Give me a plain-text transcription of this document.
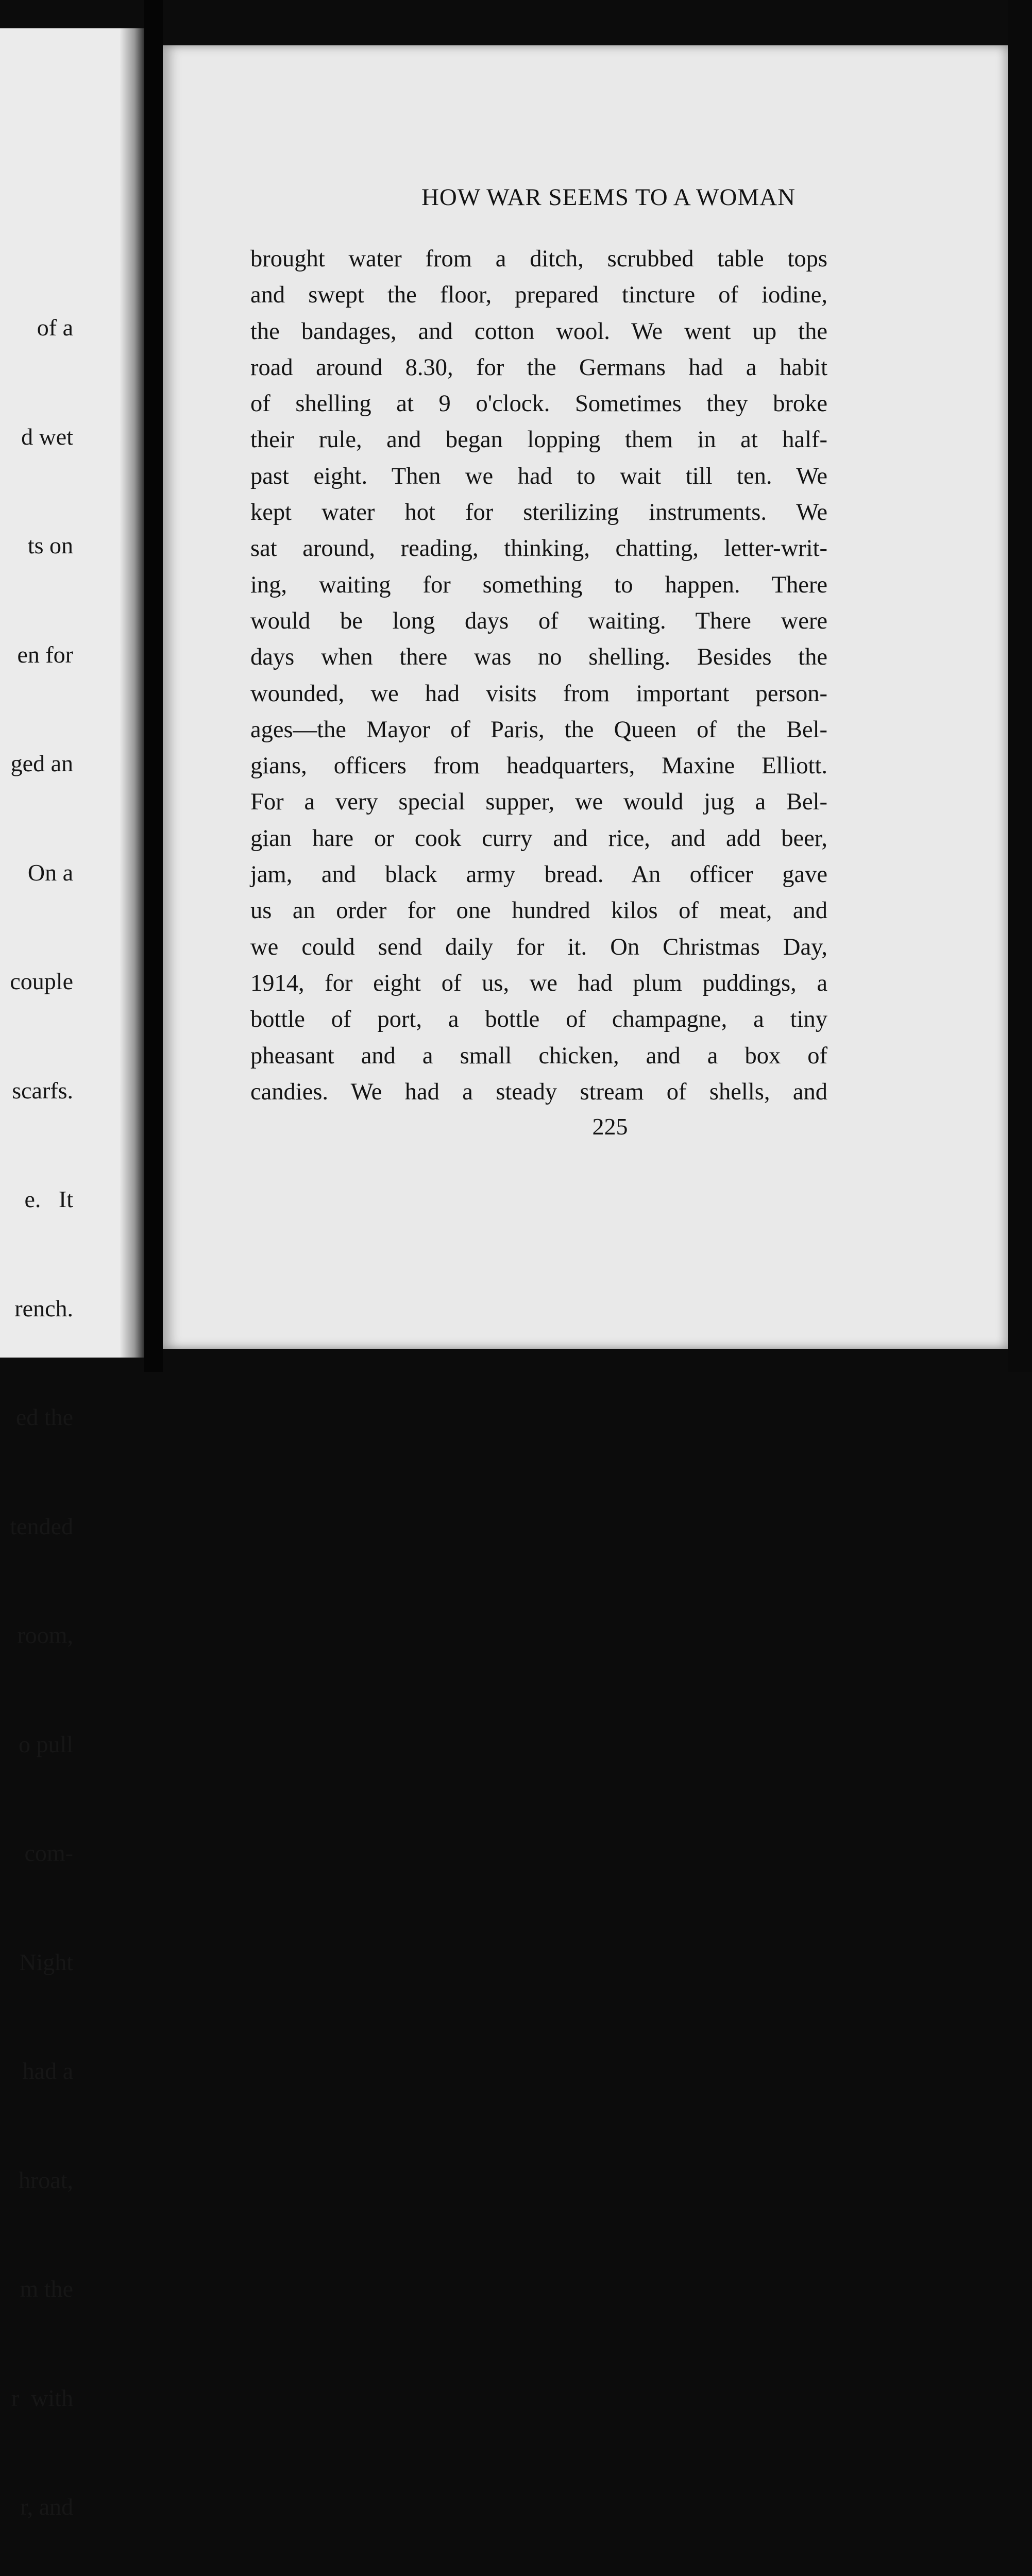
of a

d wet

ts on

en for

ged an

On a

couple

scarfs.

e.   It

rench.

ed the

tended

room,

o pull

com-

Night

had a

hroat,

m the

r  with

r, and

HOW WAR SEEMS TO A WOMAN
brought water from a ditch, scrubbed table tops
and swept the floor, prepared tincture of iodine,
the bandages, and cotton wool. We went up the
road around 8.30, for the Germans had a habit
of shelling at 9 o'clock. Sometimes they broke
their rule, and began lopping them in at half-
past eight. Then we had to wait till ten. We
kept water hot for sterilizing instruments. We
sat around, reading, thinking, chatting, letter-writ-
ing, waiting for something to happen. There
would be long days of waiting. There were
days when there was no shelling. Besides the
wounded, we had visits from important person-
ages—the Mayor of Paris, the Queen of the Bel-
gians, officers from headquarters, Maxine Elliott.
For a very special supper, we would jug a Bel-
gian hare or cook curry and rice, and add beer,
jam, and black army bread. An officer gave
us an order for one hundred kilos of meat, and
we could send daily for it. On Christmas Day,
1914, for eight of us, we had plum puddings, a
bottle of port, a bottle of champagne, a tiny
pheasant and a small chicken, and a box of
candies. We had a steady stream of shells, and
225
